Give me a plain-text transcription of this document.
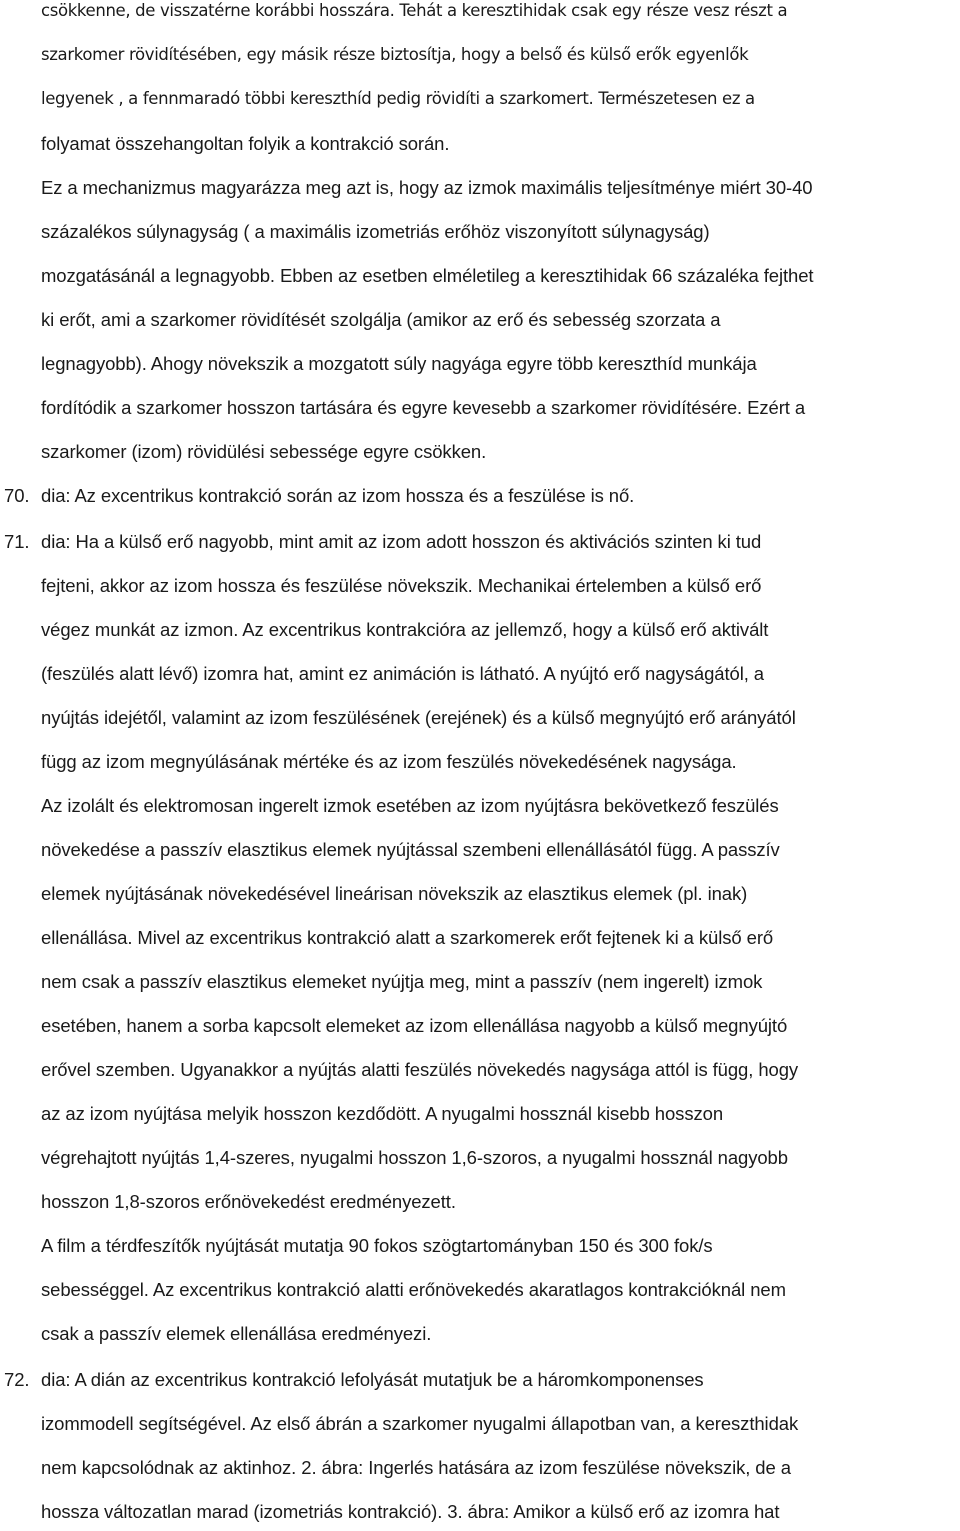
csökkenne, de visszatérne korábbi hosszára. Tehát a keresztihidak csak egy része vesz részt a
szarkomer rövidítésében, egy másik része biztosítja, hogy a belső és külső erők egyenlők
legyenek , a fennmaradó többi kereszthíd pedig rövidíti a szarkomert. Természetesen ez a
folyamat összehangoltan folyik a kontrakció során.
Ez a mechanizmus magyarázza meg azt is, hogy az izmok maximális teljesítménye miért 30-40
százalékos súlynagyság ( a maximális izometriás erőhöz viszonyított súlynagyság)
mozgatásánál a legnagyobb. Ebben az esetben elméletileg a keresztihidak 66 százaléka fejthet
ki erőt, ami a szarkomer rövidítését szolgálja (amikor az erő és sebesség szorzata a
legnagyobb). Ahogy növekszik a mozgatott súly nagyága egyre több kereszthíd munkája
fordítódik a szarkomer hosszon tartására és egyre kevesebb a szarkomer rövidítésére. Ezért a
szarkomer (izom) rövidülési sebessége egyre csökken.
70. dia: Az excentrikus kontrakció során az izom hossza és a feszülése is nő.
71. dia: Ha a külső erő nagyobb, mint amit az izom adott hosszon és aktivációs szinten ki tud
fejteni, akkor az izom hossza és feszülése növekszik. Mechanikai értelemben a külső erő
végez munkát az izmon. Az excentrikus kontrakcióra az jellemző, hogy a külső erő aktivált
(feszülés alatt lévő) izomra hat, amint ez animáción is látható. A nyújtó erő nagyságától, a
nyújtás idejétől, valamint az izom feszülésének (erejének) és a külső megnyújtó erő arányától
függ az izom megnyúlásának mértéke és az izom feszülés növekedésének nagysága.
Az izolált és elektromosan ingerelt izmok esetében az izom nyújtásra bekövetkező feszülés
növekedése a passzív elasztikus elemek nyújtással szembeni ellenállásától függ. A passzív
elemek nyújtásának növekedésével lineárisan növekszik az elasztikus elemek (pl. inak)
ellenállása. Mivel az excentrikus kontrakció alatt a szarkomerek erőt fejtenek ki a külső erő
nem csak a passzív elasztikus elemeket nyújtja meg, mint a passzív (nem ingerelt) izmok
esetében, hanem a sorba kapcsolt elemeket az izom ellenállása nagyobb a külső megnyújtó
erővel szemben. Ugyanakkor a nyújtás alatti feszülés növekedés nagysága attól is függ, hogy
az az izom nyújtása melyik hosszon kezdődött. A nyugalmi hossznál kisebb hosszon
végrehajtott nyújtás 1,4-szeres, nyugalmi hosszon 1,6-szoros, a nyugalmi hossznál nagyobb
hosszon 1,8-szoros erőnövekedést eredményezett.
A film a térdfeszítők nyújtását mutatja 90 fokos szögtartományban 150 és 300 fok/s
sebességgel. Az excentrikus kontrakció alatti erőnövekedés akaratlagos kontrakcióknál nem
csak a passzív elemek ellenállása eredményezi.
72. dia: A dián az excentrikus kontrakció lefolyását mutatjuk be a háromkomponenses
izommodell segítségével. Az első ábrán a szarkomer nyugalmi állapotban van, a kereszthidak
nem kapcsolódnak az aktinhoz. 2. ábra: Ingerlés hatására az izom feszülése növekszik, de a
hossza változatlan marad (izometriás kontrakció). 3. ábra: Amikor a külső erő az izomra hat
